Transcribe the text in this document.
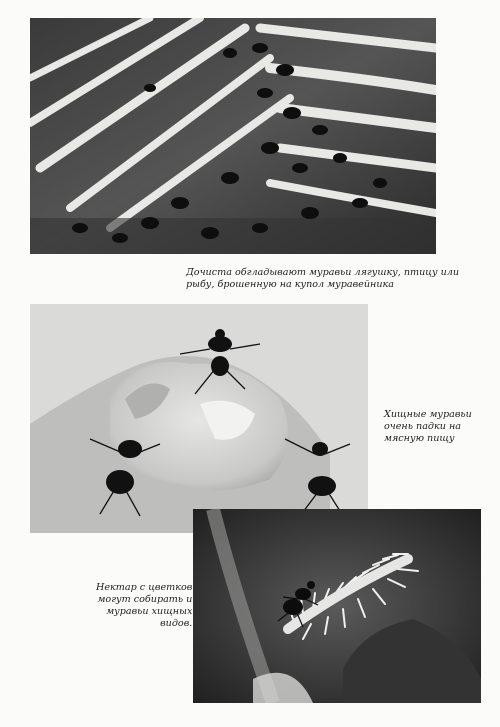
Дочиста обгладывают муравьи лягушку, птицу или
рыбу, брошенную на купол муравейника
Хищные муравьи
очень падки на
мясную пищу
Нектар с цветков
могут собирать и
муравьи хищных
видов.
